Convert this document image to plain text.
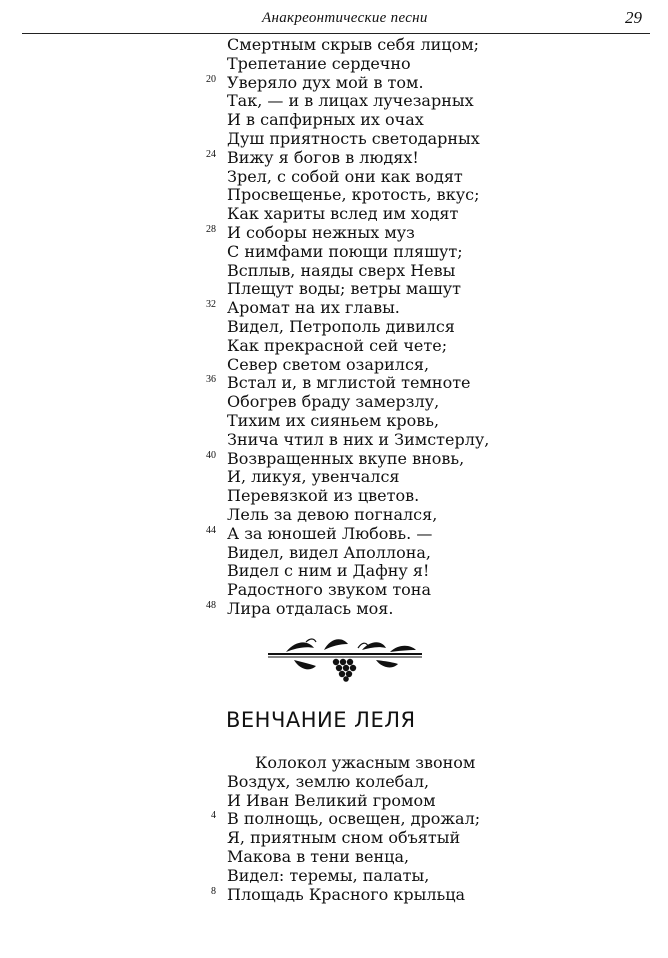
Анакреонтические песни	29
Смертным скрыв себя лицом;
Трепетание сердечно
20 Уверяло дух мой в том.
Так, — и в лицах лучезарных
И в сапфирных их очах
Душ приятность светодарных
24 Вижу я богов в людях!
Зрел, с собой они как водят
Просвещенье, кротость, вкус;
Как хариты вслед им ходят
28 И соборы нежных муз
С нимфами поющи пляшут;
Всплыв, наяды сверх Невы
Плещут воды; ветры машут
32 Аромат на их главы.
Видел, Петрополь дивился
Как прекрасной сей чете;
Север светом озарился,
36 Встал и, в мглистой темноте
Обогрев браду замерзлу,
Тихим их сияньем кровь,
Знича чтил в них и Зимстерлу,
40 Возвращенных вкупе вновь,
И, ликуя, увенчался
Перевязкой из цветов.
Лель за девою погнался,
44 А за юношей Любовь. —
Видел, видел Аполлона,
Видел с ним и Дафну я!
Радостного звуком тона
48 Лира отдалась моя.
ВЕНЧАНИЕ ЛЕЛЯ
Колокол ужасным звоном
Воздух, землю колебал,
И Иван Великий громом
4 В полнощь, освещен, дрожал;
Я, приятным сном объятый
Макова в тени венца,
Видел: теремы, палаты,
8 Площадь Красного крыльца
